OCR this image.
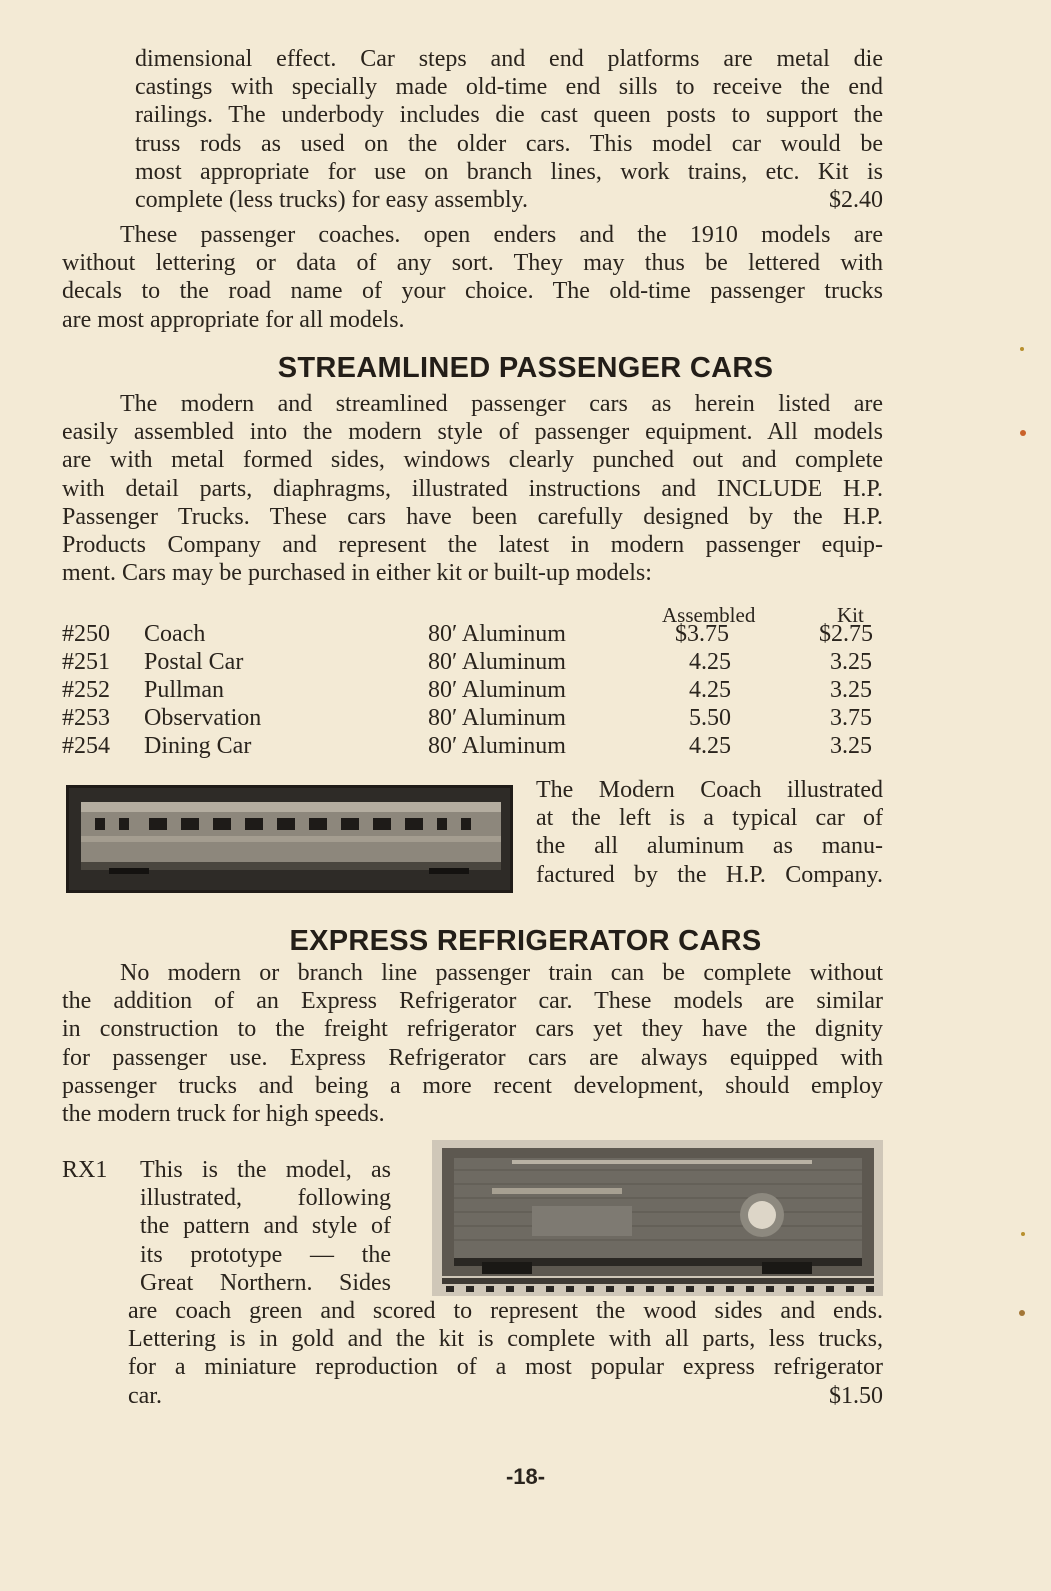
dimensional effect. Car steps and end platforms are metal die
castings with specially made old-time end sills to receive the end
railings. The underbody includes die cast queen posts to support the
truss rods as used on the older cars. This model car would be
most appropriate for use on branch lines, work trains, etc. Kit is
complete (less trucks) for easy assembly.	$2.40
These passenger coaches. open enders and the 1910 models are
without lettering or data of any sort. They may thus be lettered with
decals to the road name of your choice. The old-time passenger trucks
are most appropriate for all models.
STREAMLINED PASSENGER CARS
The modern and streamlined passenger cars as herein listed are
easily assembled into the modern style of passenger equipment. All models
are with metal formed sides, windows clearly punched out and complete
with detail parts, diaphragms, illustrated instructions and INCLUDE H.P.
Passenger Trucks. These cars have been carefully designed by the H.P.
Products Company and represent the latest in modern passenger equip-
ment. Cars may be purchased in either kit or built-up models:
Assembled	Kit
#250 Coach	80′ Aluminum	$3.75	$2.75
#251 Postal Car	80′ Aluminum	4.25	3.25
#252 Pullman	80′ Aluminum	4.25	3.25
#253 Observation	80′ Aluminum	5.50	3.75
#254 Dining Car	80′ Aluminum	4.25	3.25
The Modern Coach illustrated
at the left is a typical car of
the all aluminum as manu-
factured by the H.P. Company.
EXPRESS REFRIGERATOR CARS
No modern or branch line passenger train can be complete without
the addition of an Express Refrigerator car. These models are similar
in construction to the freight refrigerator cars yet they have the dignity
for passenger use. Express Refrigerator cars are always equipped with
passenger trucks and being a more recent development, should employ
the modern truck for high speeds.
RX1 This is the model, as
illustrated, following
the pattern and style of
its prototype — the
Great Northern. Sides
are coach green and scored to represent the wood sides and ends.
Lettering is in gold and the kit is complete with all parts, less trucks,
for a miniature reproduction of a most popular express refrigerator
car.	$1.50
-18-
